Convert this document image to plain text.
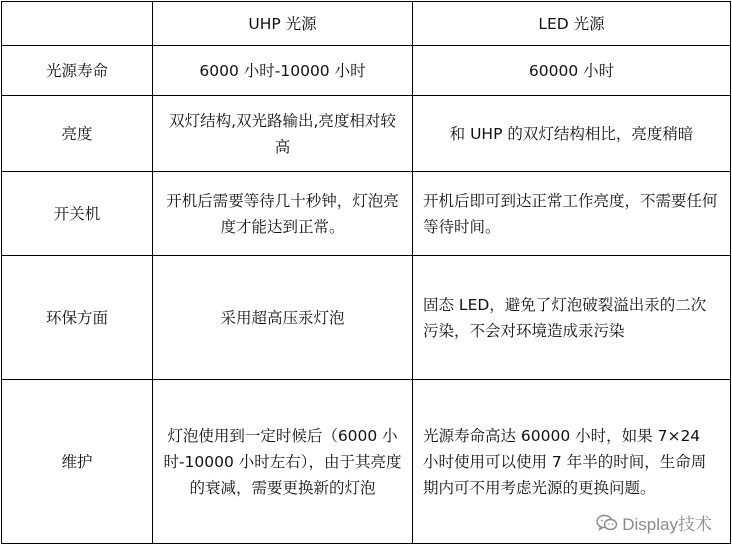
	UHP 光源	LED 光源
光源寿命	6000 小时-10000 小时	60000 小时
亮度	双灯结构,双光路输出,亮度相对较高	和 UHP 的双灯结构相比，亮度稍暗
开关机	开机后需要等待几十秒钟，灯泡亮度才能达到正常。	开机后即可到达正常工作亮度，不需要任何等待时间。
环保方面	采用超高压汞灯泡	固态 LED，避免了灯泡破裂溢出汞的二次污染，不会对环境造成汞污染
维护	灯泡使用到一定时候后（6000 小时-10000 小时左右），由于其亮度的衰减，需要更换新的灯泡	光源寿命高达 60000 小时，如果 7×24 小时使用可以使用 7 年半的时间，生命周期内可不用考虑光源的更换问题。
Display技术
